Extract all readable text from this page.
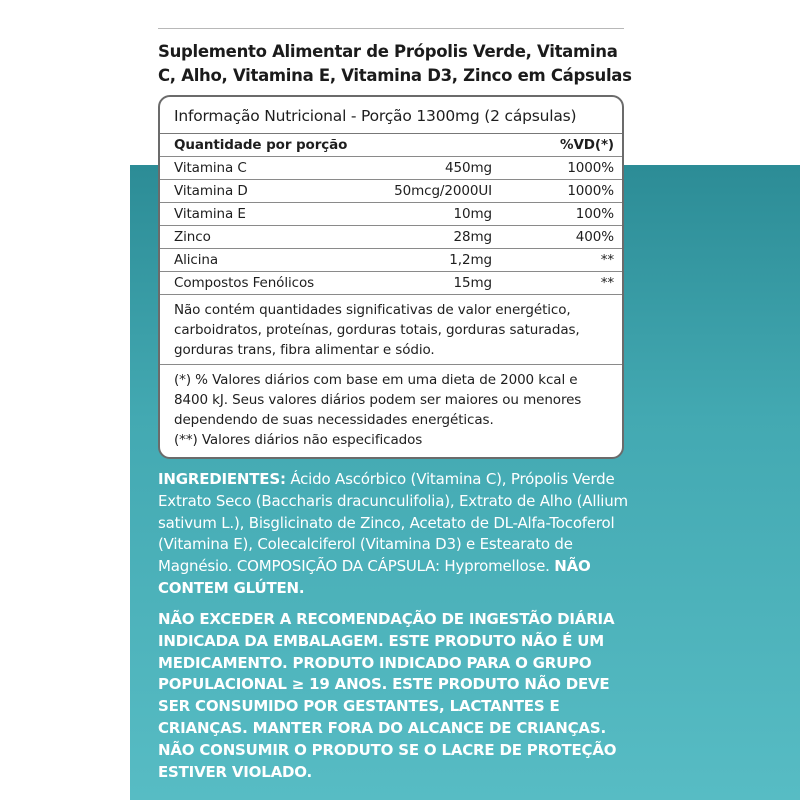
Suplemento Alimentar de Própolis Verde, Vitamina C, Alho, Vitamina E, Vitamina D3, Zinco em Cápsulas
Informação Nutricional - Porção 1300mg (2 cápsulas)
Quantidade por porção	%VD(*)
Vitamina C	450mg	1000%
Vitamina D	50mcg/2000UI	1000%
Vitamina E	10mg	100%
Zinco	28mg	400%
Alicina	1,2mg	**
Compostos Fenólicos	15mg	**
Não contém quantidades significativas de valor energético, carboidratos, proteínas, gorduras totais, gorduras saturadas, gorduras trans, fibra alimentar e sódio.
(*) % Valores diários com base em uma dieta de 2000 kcal e 8400 kJ. Seus valores diários podem ser maiores ou menores dependendo de suas necessidades energéticas.
(**) Valores diários não especificados
INGREDIENTES: Ácido Ascórbico (Vitamina C), Própolis Verde Extrato Seco (Baccharis dracunculifolia), Extrato de Alho (Allium sativum L.), Bisglicinato de Zinco, Acetato de DL-Alfa-Tocoferol (Vitamina E), Colecalciferol (Vitamina D3) e Estearato de Magnésio. COMPOSIÇÃO DA CÁPSULA: Hypromellose. NÃO CONTEM GLÚTEN.
NÃO EXCEDER A RECOMENDAÇÃO DE INGESTÃO DIÁRIA INDICADA DA EMBALAGEM. ESTE PRODUTO NÃO É UM MEDICAMENTO. PRODUTO INDICADO PARA O GRUPO POPULACIONAL ≥ 19 ANOS. ESTE PRODUTO NÃO DEVE SER CONSUMIDO POR GESTANTES, LACTANTES E CRIANÇAS. MANTER FORA DO ALCANCE DE CRIANÇAS. NÃO CONSUMIR O PRODUTO SE O LACRE DE PROTEÇÃO ESTIVER VIOLADO.
